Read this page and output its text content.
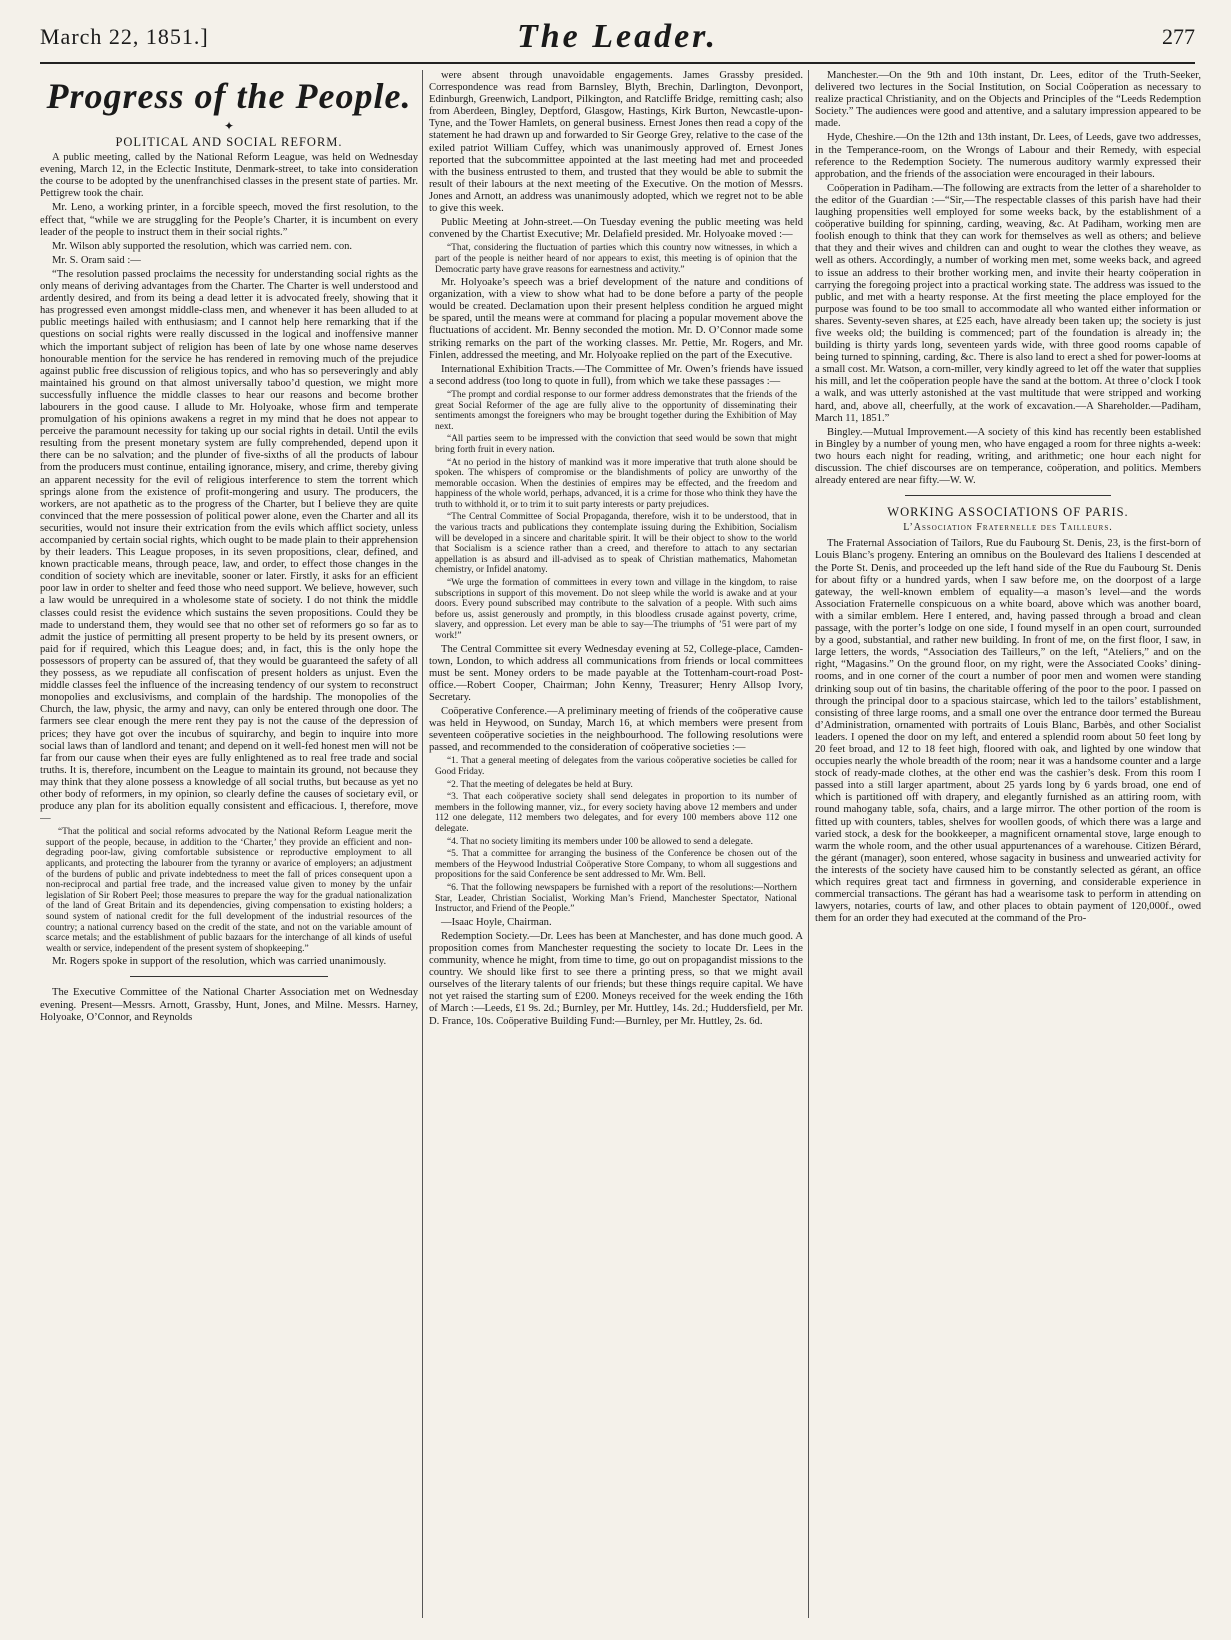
March 22, 1851.]	The Leader.	277
Progress of the People.
✦
POLITICAL AND SOCIAL REFORM.

A public meeting, called by the National Reform League, was held on Wednesday evening, March 12, in the Eclectic Institute, Denmark-street, to take into consideration the course to be adopted by the unenfranchised classes in the present state of parties. Mr. Pettigrew took the chair.

Mr. Leno, a working printer, in a forcible speech, moved the first resolution, to the effect that, “while we are struggling for the People’s Charter, it is incumbent on every leader of the people to instruct them in their social rights.”

Mr. Wilson ably supported the resolution, which was carried nem. con.

Mr. S. Oram said :—

“The resolution passed proclaims the necessity for understanding social rights as the only means of deriving advantages from the Charter. The Charter is well understood and ardently desired, and from its being a dead letter it is advocated freely, showing that it has progressed even amongst middle-class men, and whenever it has been alluded to at public meetings hailed with enthusiasm; and I cannot help here remarking that if the questions on social rights were really discussed in the logical and inoffensive manner which the important subject of religion has been of late by one whose name deserves honourable mention for the service he has rendered in removing much of the prejudice against public free discussion of religious topics, and who has so perseveringly and ably maintained his ground on that almost universally taboo’d question, we might more successfully influence the middle classes to hear our reasons and become brother labourers in the good cause. I allude to Mr. Holyoake, whose firm and temperate promulgation of his opinions awakens a regret in my mind that he does not appear to perceive the paramount necessity for taking up our social rights in detail. Until the evils resulting from the present monetary system are fully comprehended, depend upon it there can be no salvation; and the plunder of five-sixths of all the products of labour from the producers must continue, entailing ignorance, misery, and crime, thereby giving an apparent necessity for the evil of religious interference to stem the torrent which springs alone from the existence of profit-mongering and usury. The producers, the workers, are not apathetic as to the progress of the Charter, but I believe they are quite convinced that the mere possession of political power alone, even the Charter and all its securities, would not insure their extrication from the evils which afflict society, unless accompanied by certain social rights, which ought to be made plain to their apprehension by their leaders. This League proposes, in its seven propositions, clear, defined, and known practicable means, through peace, law, and order, to effect those changes in the condition of society which are inevitable, sooner or later. Firstly, it asks for an efficient poor law in order to shelter and feed those who need support. We believe, however, such a law would be unrequired in a wholesome state of society. I do not think the middle classes could resist the evidence which sustains the seven propositions. Could they be made to understand them, they would see that no other set of reformers go so far as to admit the justice of permitting all present property to be held by its present owners, or paid for if required, which this League does; and, in fact, this is the only hope the possessors of property can be assured of, that they would be guaranteed the safety of all they possess, as we repudiate all confiscation of present holders as unjust. Even the middle classes feel the influence of the increasing tendency of our system to reconstruct monopolies and exclusivisms, and complain of the hardship. The monopolies of the Church, the law, physic, the army and navy, can only be entered through one door. The farmers see clear enough the mere rent they pay is not the cause of the depression of prices; they have got over the incubus of squirarchy, and begin to inquire into more social laws than of landlord and tenant; and depend on it well-fed honest men will not be far from our cause when their eyes are fully enlightened as to real free trade and social truths. It is, therefore, incumbent on the League to maintain its ground, not because they may think that they alone possess a knowledge of all social truths, but because as yet no other body of reformers, in my opinion, so clearly define the causes of societary evil, or produce any plan for its abolition equally consistent and efficacious. I, therefore, move—

“That the political and social reforms advocated by the National Reform League merit the support of the people, because, in addition to the ‘Charter,’ they provide an efficient and non-degrading poor-law, giving comfortable subsistence or reproductive employment to all applicants, and protecting the labourer from the tyranny or avarice of employers; an adjustment of the burdens of public and private indebtedness to meet the fall of prices consequent upon a non-reciprocal and partial free trade, and the increased value given to money by the unfair legislation of Sir Robert Peel; those measures to prepare the way for the gradual nationalization of the land of Great Britain and its dependencies, giving compensation to existing holders; a sound system of national credit for the full development of the industrial resources of the country; a national currency based on the credit of the state, and not on the variable amount of scarce metals; and the establishment of public bazaars for the interchange of all kinds of useful wealth or service, independent of the present system of shopkeeping.”

Mr. Rogers spoke in support of the resolution, which was carried unanimously.

The Executive Committee of the National Charter Association met on Wednesday evening. Present—Messrs. Arnott, Grassby, Hunt, Jones, and Milne. Messrs. Harney, Holyoake, O’Connor, and Reynolds

were absent through unavoidable engagements. James Grassby presided. Correspondence was read from Barnsley, Blyth, Brechin, Darlington, Devonport, Edinburgh, Greenwich, Landport, Pilkington, and Ratcliffe Bridge, remitting cash; also from Aberdeen, Bingley, Deptford, Glasgow, Hastings, Kirk Burton, Newcastle-upon-Tyne, and the Tower Hamlets, on general business. Ernest Jones then read a copy of the statement he had drawn up and forwarded to Sir George Grey, relative to the case of the exiled patriot William Cuffey, which was unanimously approved of. Ernest Jones reported that the subcommittee appointed at the last meeting had met and proceeded with the business entrusted to them, and trusted that they would be able to submit the result of their labours at the next meeting of the Executive. On the motion of Messrs. Jones and Arnott, an address was unanimously adopted, which we regret not to be able to give this week.

Public Meeting at John-street.—On Tuesday evening the public meeting was held convened by the Chartist Executive; Mr. Delafield presided. Mr. Holyoake moved :—

“That, considering the fluctuation of parties which this country now witnesses, in which a part of the people is neither heard of nor appears to exist, this meeting is of opinion that the Democratic party have grave reasons for earnestness and activity.”

Mr. Holyoake’s speech was a brief development of the nature and conditions of organization, with a view to show what had to be done before a party of the people would be created. Declamation upon their present helpless condition he argued might be spared, until the means were at command for placing a popular movement above the fluctuations of accident. Mr. Benny seconded the motion. Mr. D. O’Connor made some striking remarks on the part of the working classes. Mr. Pettie, Mr. Rogers, and Mr. Finlen, addressed the meeting, and Mr. Holyoake replied on the part of the Executive.

International Exhibition Tracts.—The Committee of Mr. Owen’s friends have issued a second address (too long to quote in full), from which we take these passages :—

“The prompt and cordial response to our former address demonstrates that the friends of the great Social Reformer of the age are fully alive to the opportunity of disseminating their sentiments amongst the foreigners who may be brought together during the Exhibition of May next.

“All parties seem to be impressed with the conviction that seed would be sown that might bring forth fruit in every nation.

“At no period in the history of mankind was it more imperative that truth alone should be spoken. The whispers of compromise or the blandishments of policy are unworthy of the memorable occasion. When the destinies of empires may be effected, and the freedom and happiness of the whole world, perhaps, advanced, it is a crime for those who think they have the truth to withhold it, or to trim it to suit party interests or party prejudices.

“The Central Committee of Social Propaganda, therefore, wish it to be understood, that in the various tracts and publications they contemplate issuing during the Exhibition, Socialism will be developed in a sincere and charitable spirit. It will be their object to show to the world that Socialism is a science rather than a creed, and therefore to attach to any sectarian appellation is as absurd and ill-advised as to speak of Christian mathematics, Mahometan chemistry, or Infidel anatomy.

“We urge the formation of committees in every town and village in the kingdom, to raise subscriptions in support of this movement. Do not sleep while the world is awake and at your doors. Every pound subscribed may contribute to the salvation of a people. With such aims before us, assist generously and promptly, in this bloodless crusade against poverty, crime, slavery, and oppression. Let every man be able to say—The triumphs of ’51 were part of my work!”

The Central Committee sit every Wednesday evening at 52, College-place, Camden-town, London, to which address all communications from friends or local committees must be sent. Money orders to be made payable at the Tottenham-court-road Post-office.—Robert Cooper, Chairman; John Kenny, Treasurer; Henry Allsop Ivory, Secretary.

Coöperative Conference.—A preliminary meeting of friends of the coöperative cause was held in Heywood, on Sunday, March 16, at which members were present from seventeen coöperative societies in the neighbourhood. The following resolutions were passed, and recommended to the consideration of coöperative societies :—

“1. That a general meeting of delegates from the various coöperative societies be called for Good Friday.

“2. That the meeting of delegates be held at Bury.

“3. That each coöperative society shall send delegates in proportion to its number of members in the following manner, viz., for every society having above 12 members and under 112 one delegate, 112 members two delegates, and for every 100 members above 112 one delegate.

“4. That no society limiting its members under 100 be allowed to send a delegate.

“5. That a committee for arranging the business of the Conference be chosen out of the members of the Heywood Industrial Coöperative Store Company, to whom all suggestions and propositions for the said Conference be sent addressed to Mr. Wm. Bell.

“6. That the following newspapers be furnished with a report of the resolutions:—Northern Star, Leader, Christian Socialist, Working Man’s Friend, Manchester Spectator, National Instructor, and Friend of the People.”

—Isaac Hoyle, Chairman.

Redemption Society.—Dr. Lees has been at Manchester, and has done much good. A proposition comes from Manchester requesting the society to locate Dr. Lees in the community, whence he might, from time to time, go out on propagandist missions to the country. We should like first to see there a printing press, so that we might avail ourselves of the literary talents of our friends; but these things require capital. We have not yet raised the starting sum of £200. Moneys received for the week ending the 16th of March :—Leeds, £1 9s. 2d.; Burnley, per Mr. Huttley, 14s. 2d.; Huddersfield, per Mr. D. France, 10s. Coöperative Building Fund:—Burnley, per Mr. Huttley, 2s. 6d.

Manchester.—On the 9th and 10th instant, Dr. Lees, editor of the Truth-Seeker, delivered two lectures in the Social Institution, on Social Coöperation as necessary to realize practical Christianity, and on the Objects and Principles of the “Leeds Redemption Society.” The audiences were good and attentive, and a salutary impression appeared to be made.

Hyde, Cheshire.—On the 12th and 13th instant, Dr. Lees, of Leeds, gave two addresses, in the Temperance-room, on the Wrongs of Labour and their Remedy, with especial reference to the Redemption Society. The numerous auditory warmly expressed their approbation, and the friends of the association were encouraged in their labours.

Coöperation in Padiham.—The following are extracts from the letter of a shareholder to the editor of the Guardian :—“Sir,—The respectable classes of this parish have had their laughing propensities well employed for some weeks back, by the establishment of a coöperative building for spinning, carding, weaving, &c. At Padiham, working men are foolish enough to think that they can work for themselves as well as others; and believe that they and their wives and children can and ought to wear the clothes they weave, as well as others. Accordingly, a number of working men met, some weeks back, and agreed to issue an address to their brother working men, and invite their hearty coöperation in carrying the foregoing project into a practical working state. The address was issued to the public, and met with a hearty response. At the first meeting the place employed for the purpose was found to be too small to accommodate all who wanted either information or shares. Seventy-seven shares, at £25 each, have already been taken up; the society is just five weeks old; the building is commenced; part of the foundation is already in; the building is thirty yards long, seventeen yards wide, with three good rooms capable of being turned to spinning, carding, &c. There is also land to erect a shed for power-looms at a small cost. Mr. Watson, a corn-miller, very kindly agreed to let off the water that supplies his mill, and let the coöperation people have the sand at the bottom. At three o’clock I took a walk, and was utterly astonished at the vast multitude that were stripped and working hard, and, above all, cheerfully, at the work of excavation.—A Shareholder.—Padiham, March 11, 1851.”

Bingley.—Mutual Improvement.—A society of this kind has recently been established in Bingley by a number of young men, who have engaged a room for three nights a-week: two hours each night for reading, writing, and arithmetic; one hour each night for discussion. The chief discourses are on temperance, coöperation, and politics. Members already entered are near fifty.—W. W.

WORKING ASSOCIATIONS OF PARIS.
L’Association Fraternelle des Tailleurs.

The Fraternal Association of Tailors, Rue du Faubourg St. Denis, 23, is the first-born of Louis Blanc’s progeny. Entering an omnibus on the Boulevard des Italiens I descended at the Porte St. Denis, and proceeded up the left hand side of the Rue du Faubourg St. Denis for about fifty or a hundred yards, when I saw before me, on the doorpost of a large gateway, the well-known emblem of equality—a mason’s level—and the words Association Fraternelle conspicuous on a white board, above which was another board, with a similar emblem. Here I entered, and, having passed through a broad and clean passage, with the porter’s lodge on one side, I found myself in an open court, surrounded by a good, substantial, and rather new building. In front of me, on the first floor, I saw, in large letters, the words, “Association des Tailleurs,” on the left, “Ateliers,” and on the right, “Magasins.” On the ground floor, on my right, were the Associated Cooks’ dining-rooms, and in one corner of the court a number of poor men and women were standing drinking soup out of tin basins, the charitable offering of the poor to the poor. I passed on through the principal door to a spacious staircase, which led to the tailors’ establishment, consisting of three large rooms, and a small one over the entrance door termed the Bureau d’Administration, ornamented with portraits of Louis Blanc, Barbès, and other Socialist leaders. I opened the door on my left, and entered a splendid room about 50 feet long by 20 feet broad, and 12 to 18 feet high, floored with oak, and lighted by one window that occupies nearly the whole breadth of the room; near it was a handsome counter and a large stock of ready-made clothes, at the other end was the cashier’s desk. From this room I passed into a still larger apartment, about 25 yards long by 6 yards broad, one end of which is partitioned off with drapery, and elegantly furnished as an attiring room, with round mahogany table, sofa, chairs, and a large mirror. The other portion of the room is fitted up with counters, tables, shelves for woollen goods, of which there was a large and varied stock, a desk for the bookkeeper, a magnificent ornamental stove, large enough to warm the whole room, and the other usual appurtenances of a warehouse. Citizen Bérard, the gérant (manager), soon entered, whose sagacity in business and unwearied activity for the interests of the society have caused him to be constantly selected as gérant, an office which requires great tact and firmness in governing, and considerable experience in commercial transactions. The gérant has had a wearisome task to perform in attending on lawyers, notaries, courts of law, and other places to obtain payment of 120,000f., owed them for an order they had executed at the command of the Pro-
